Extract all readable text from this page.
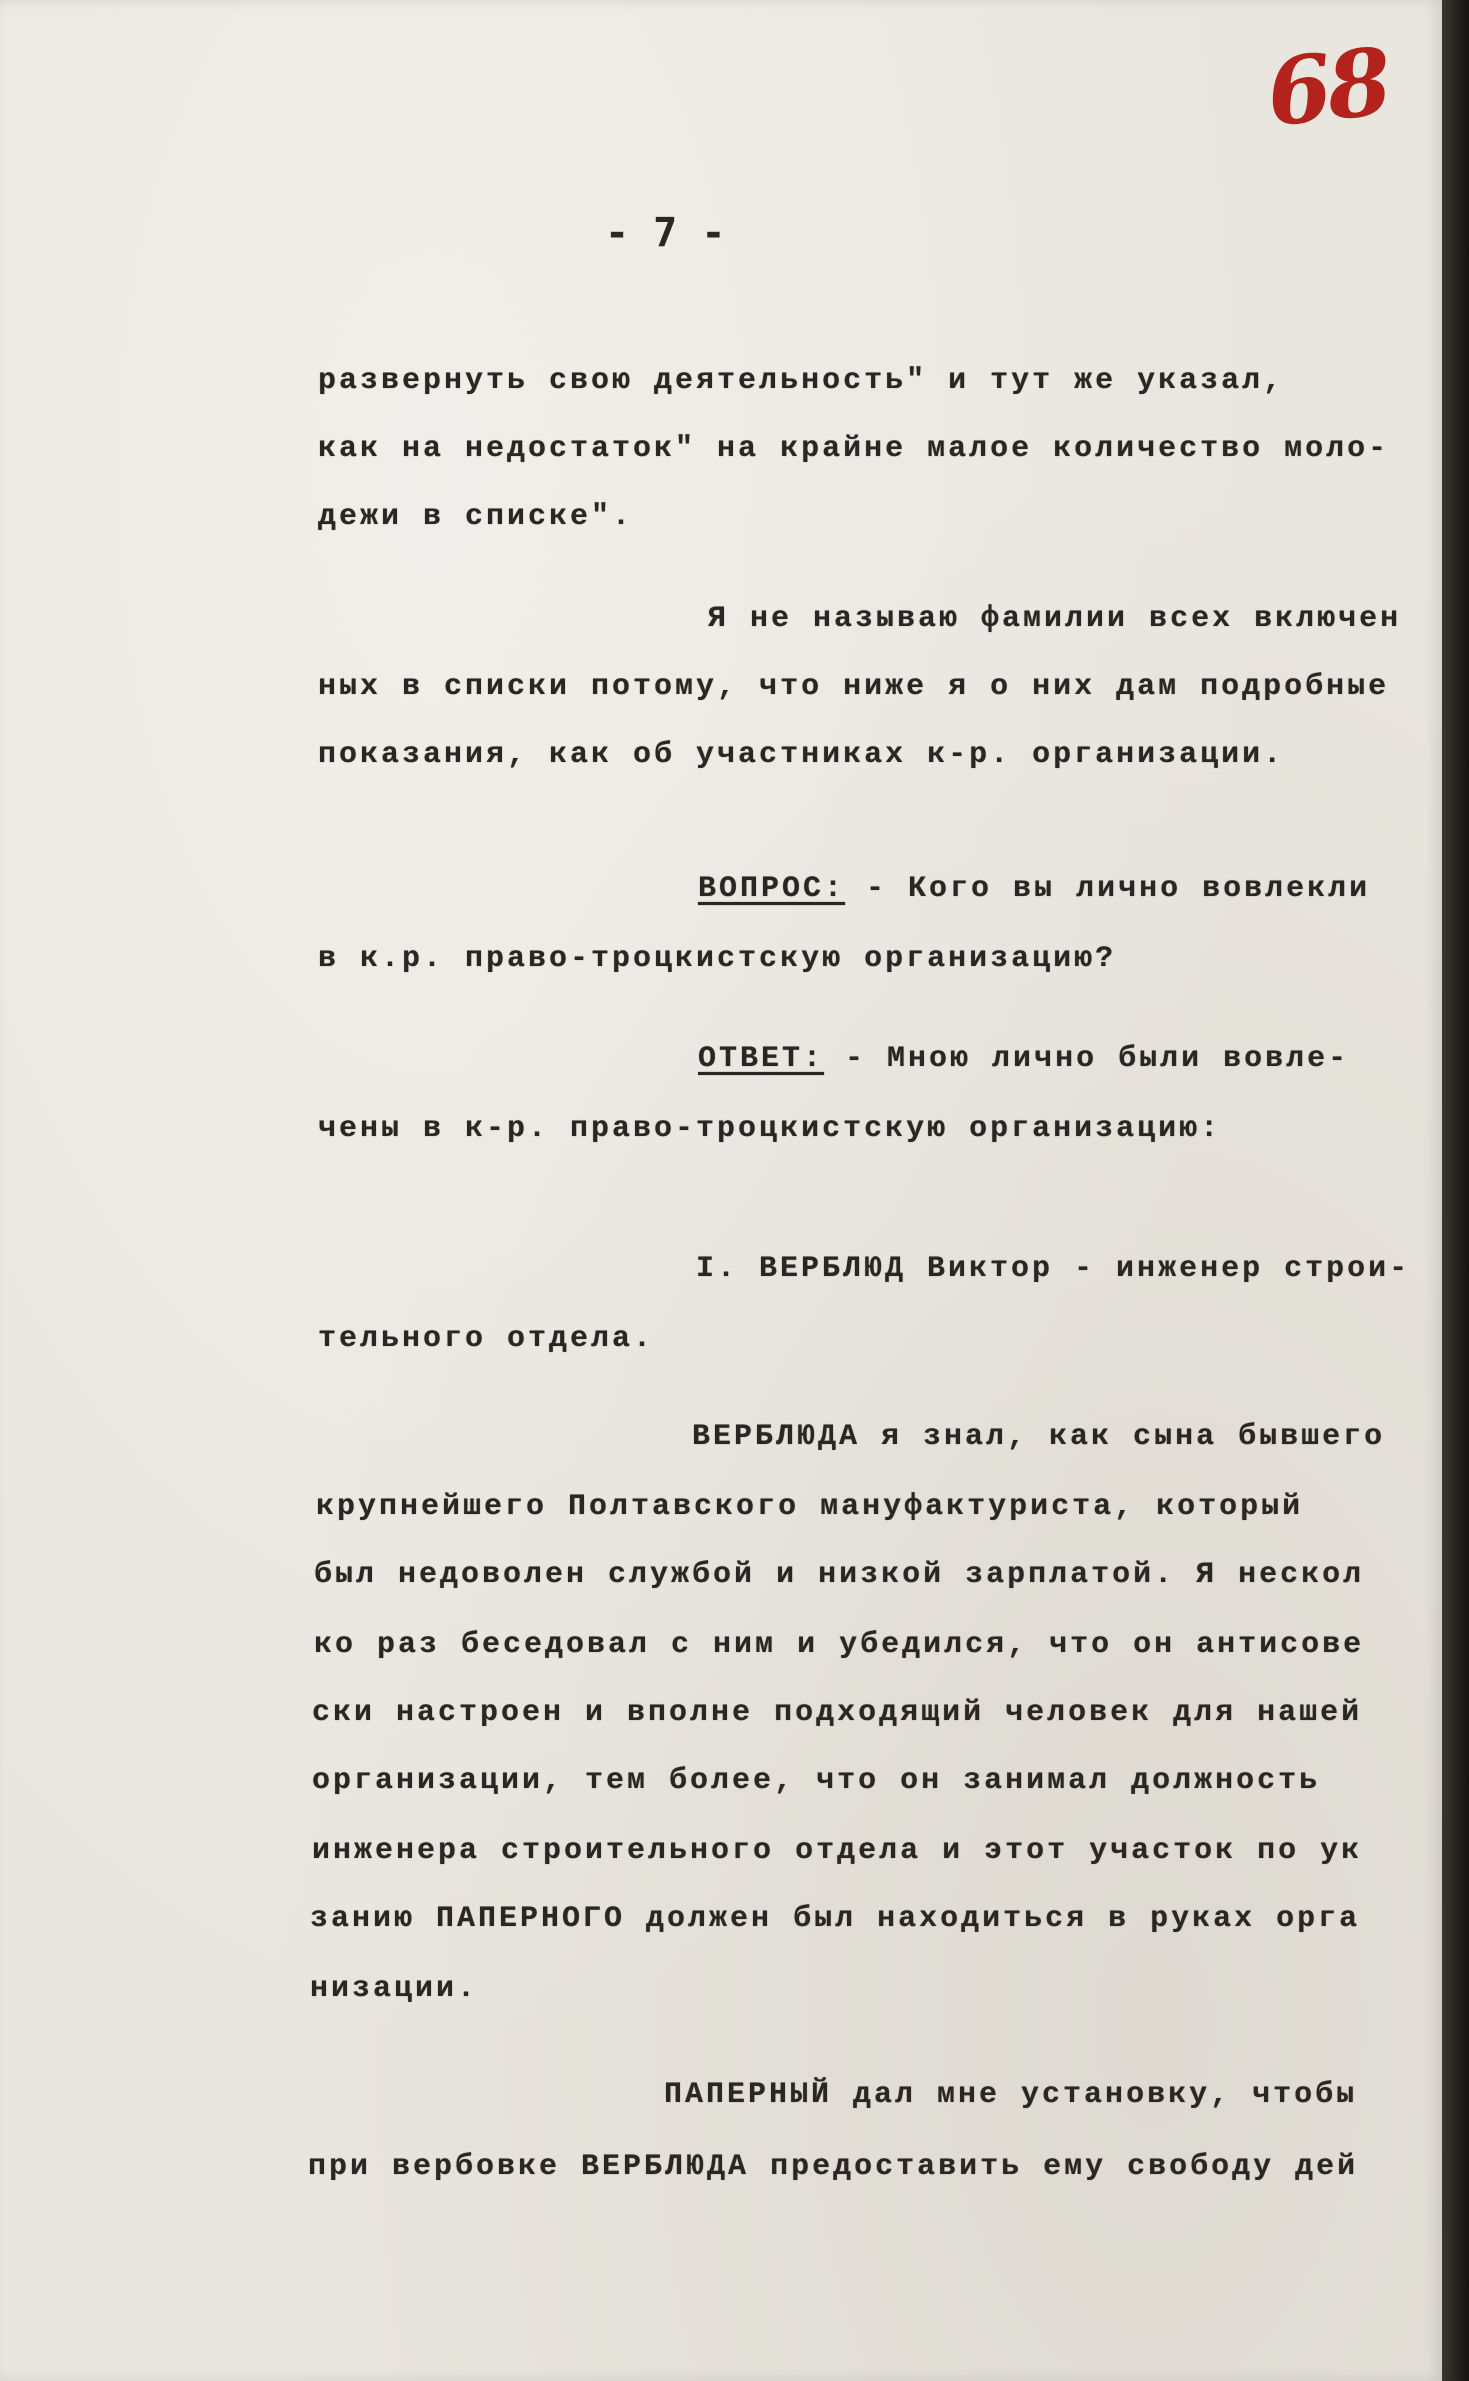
68
- 7 -
развернуть свою деятельность" и тут же указал,
как на недостаток" на крайне малое количество моло-
дежи в списке".
Я не называю фамилии всех включен
ных в списки потому, что ниже я о них дам подробные
показания, как об участниках к-р. организации.
ВОПРОС: - Кого вы лично вовлекли
в к.р. право-троцкистскую организацию?
ОТВЕТ: - Мною лично были вовле-
чены в к-р. право-троцкистскую организацию:
I. ВЕРБЛЮД Виктор - инженер строи-
тельного отдела.
ВЕРБЛЮДА я знал, как сына бывшего
крупнейшего Полтавского мануфактуриста, который
был недоволен службой и низкой зарплатой. Я нескол
ко раз беседовал с ним и убедился, что он антисове
ски настроен и вполне подходящий человек для нашей
организации, тем более, что он занимал должность
инженера строительного отдела и этот участок по ук
занию ПАПЕРНОГО должен был находиться в руках орга
низации.
ПАПЕРНЫЙ дал мне установку, чтобы
при вербовке ВЕРБЛЮДА предоставить ему свободу дей
